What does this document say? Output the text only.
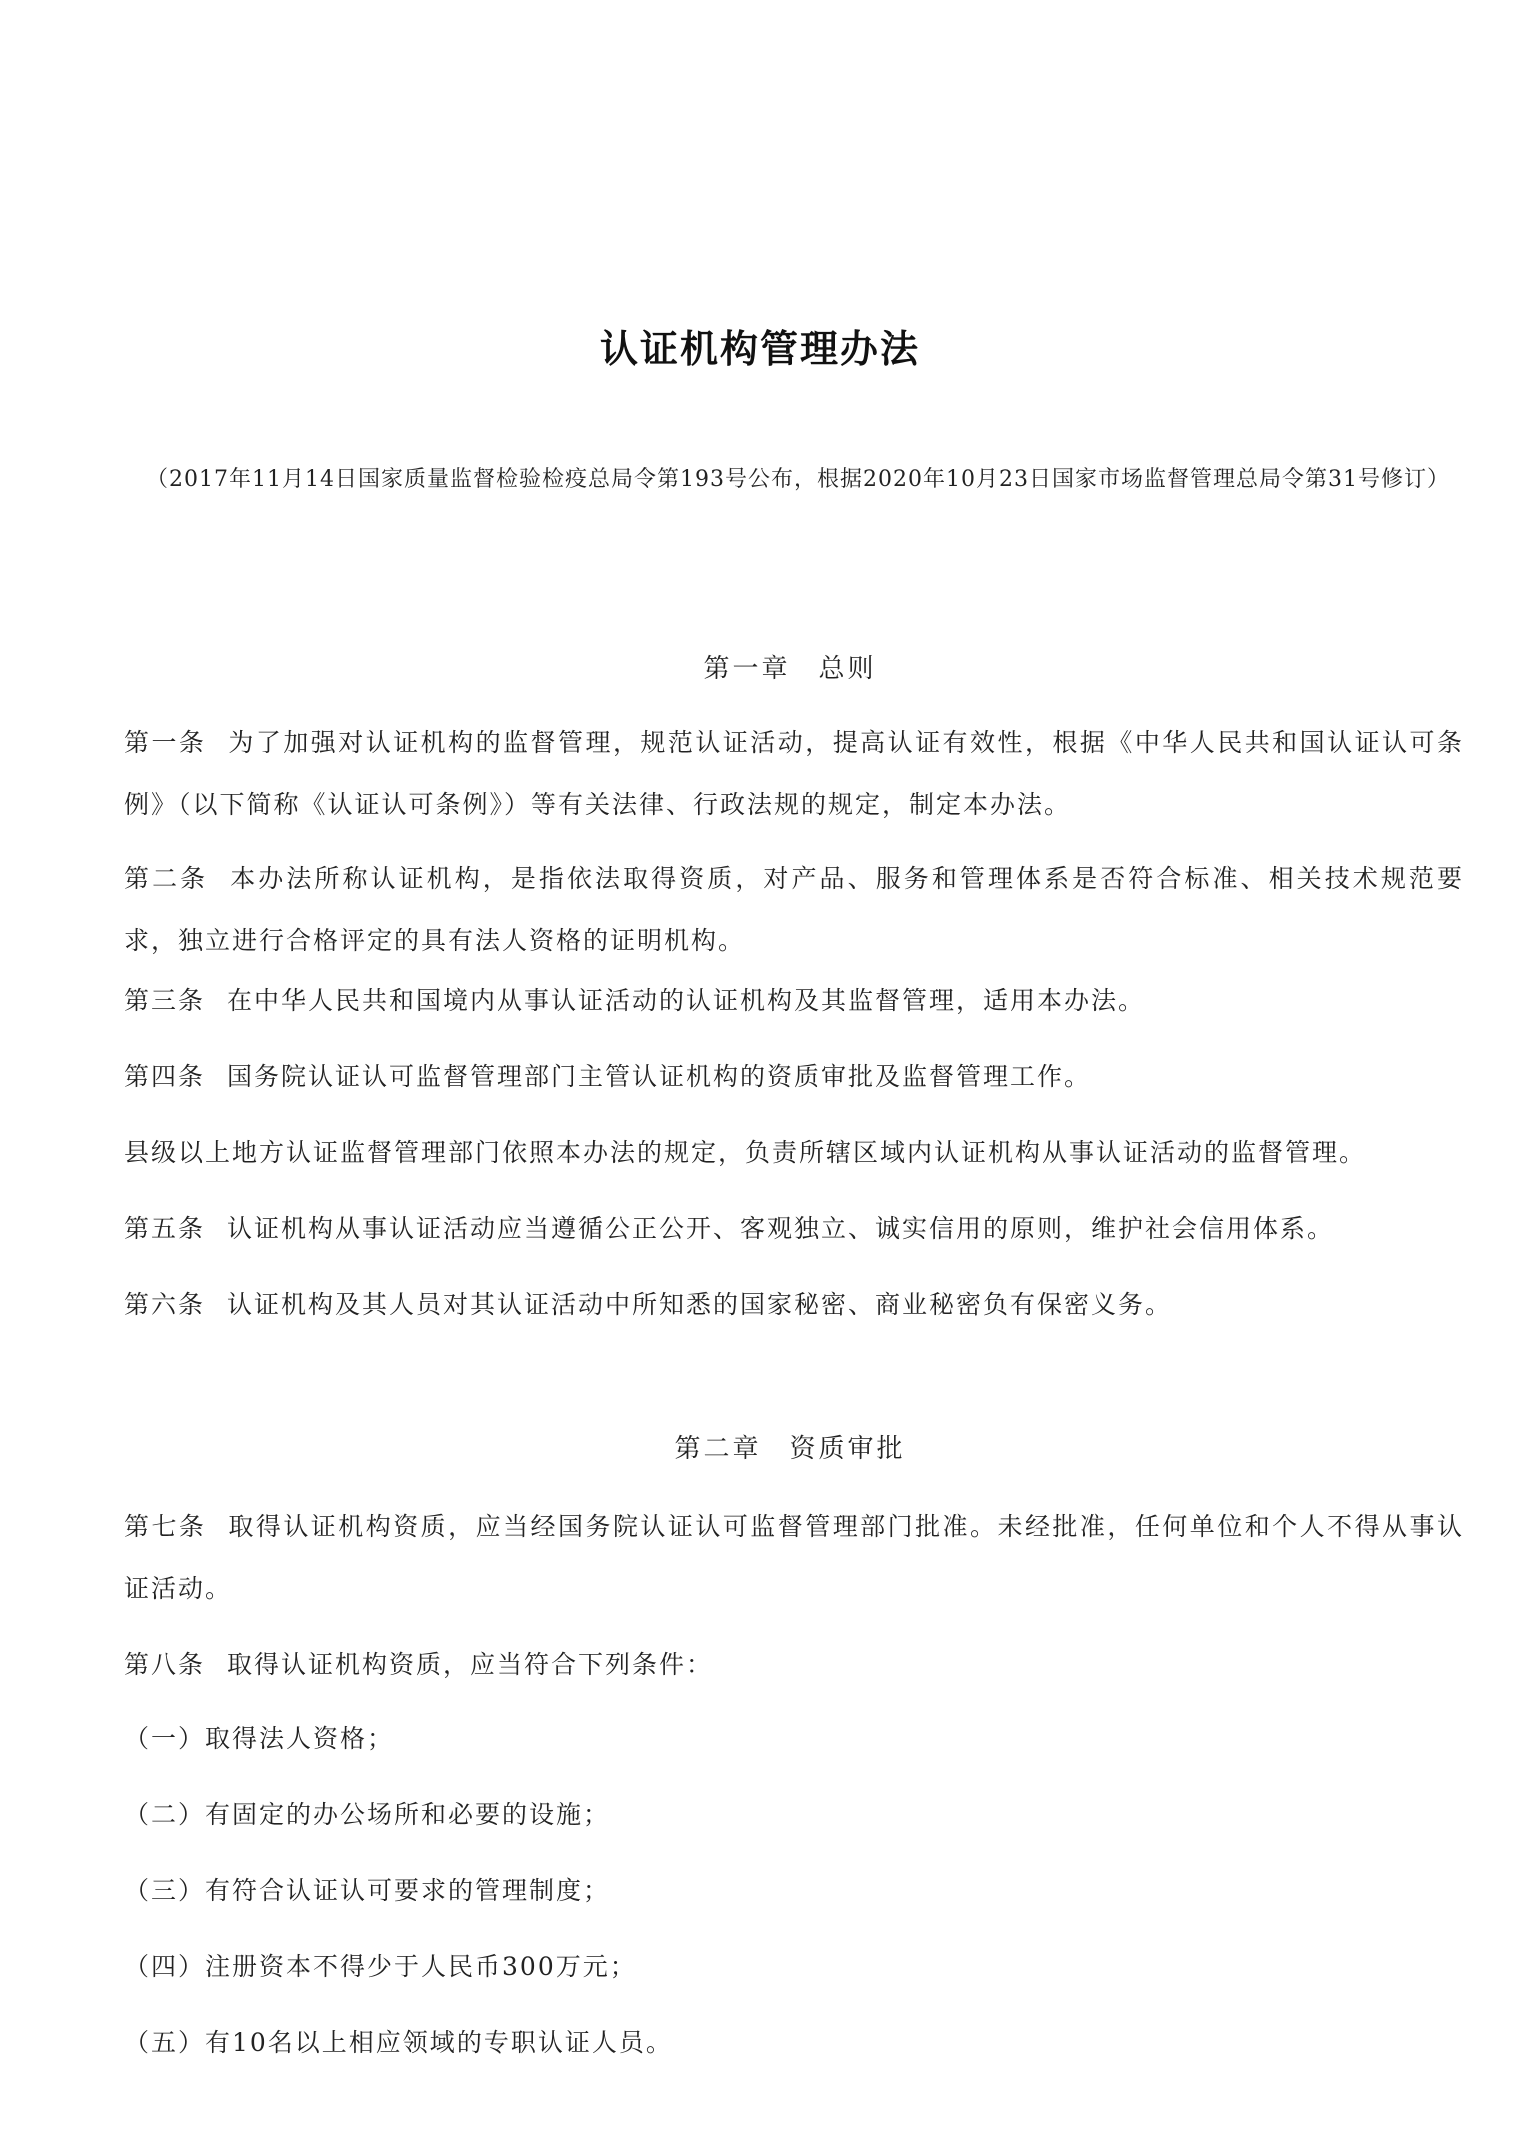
认证机构管理办法
（2017年11月14日国家质量监督检验检疫总局令第193号公布，根据2020年10月23日国家市场监督管理总局令第31号修订）
第一章 总则
第一条 为了加强对认证机构的监督管理，规范认证活动，提高认证有效性，根据《中华人民共和国认证认可条例》（以下简称《认证认可条例》）等有关法律、行政法规的规定，制定本办法。
第二条 本办法所称认证机构，是指依法取得资质，对产品、服务和管理体系是否符合标准、相关技术规范要求，独立进行合格评定的具有法人资格的证明机构。
第三条 在中华人民共和国境内从事认证活动的认证机构及其监督管理，适用本办法。
第四条 国务院认证认可监督管理部门主管认证机构的资质审批及监督管理工作。
县级以上地方认证监督管理部门依照本办法的规定，负责所辖区域内认证机构从事认证活动的监督管理。
第五条 认证机构从事认证活动应当遵循公正公开、客观独立、诚实信用的原则，维护社会信用体系。
第六条 认证机构及其人员对其认证活动中所知悉的国家秘密、商业秘密负有保密义务。
第二章 资质审批
第七条 取得认证机构资质，应当经国务院认证认可监督管理部门批准。未经批准，任何单位和个人不得从事认证活动。
第八条 取得认证机构资质，应当符合下列条件：
（一）取得法人资格；
（二）有固定的办公场所和必要的设施；
（三）有符合认证认可要求的管理制度；
（四）注册资本不得少于人民币300万元；
（五）有10名以上相应领域的专职认证人员。
